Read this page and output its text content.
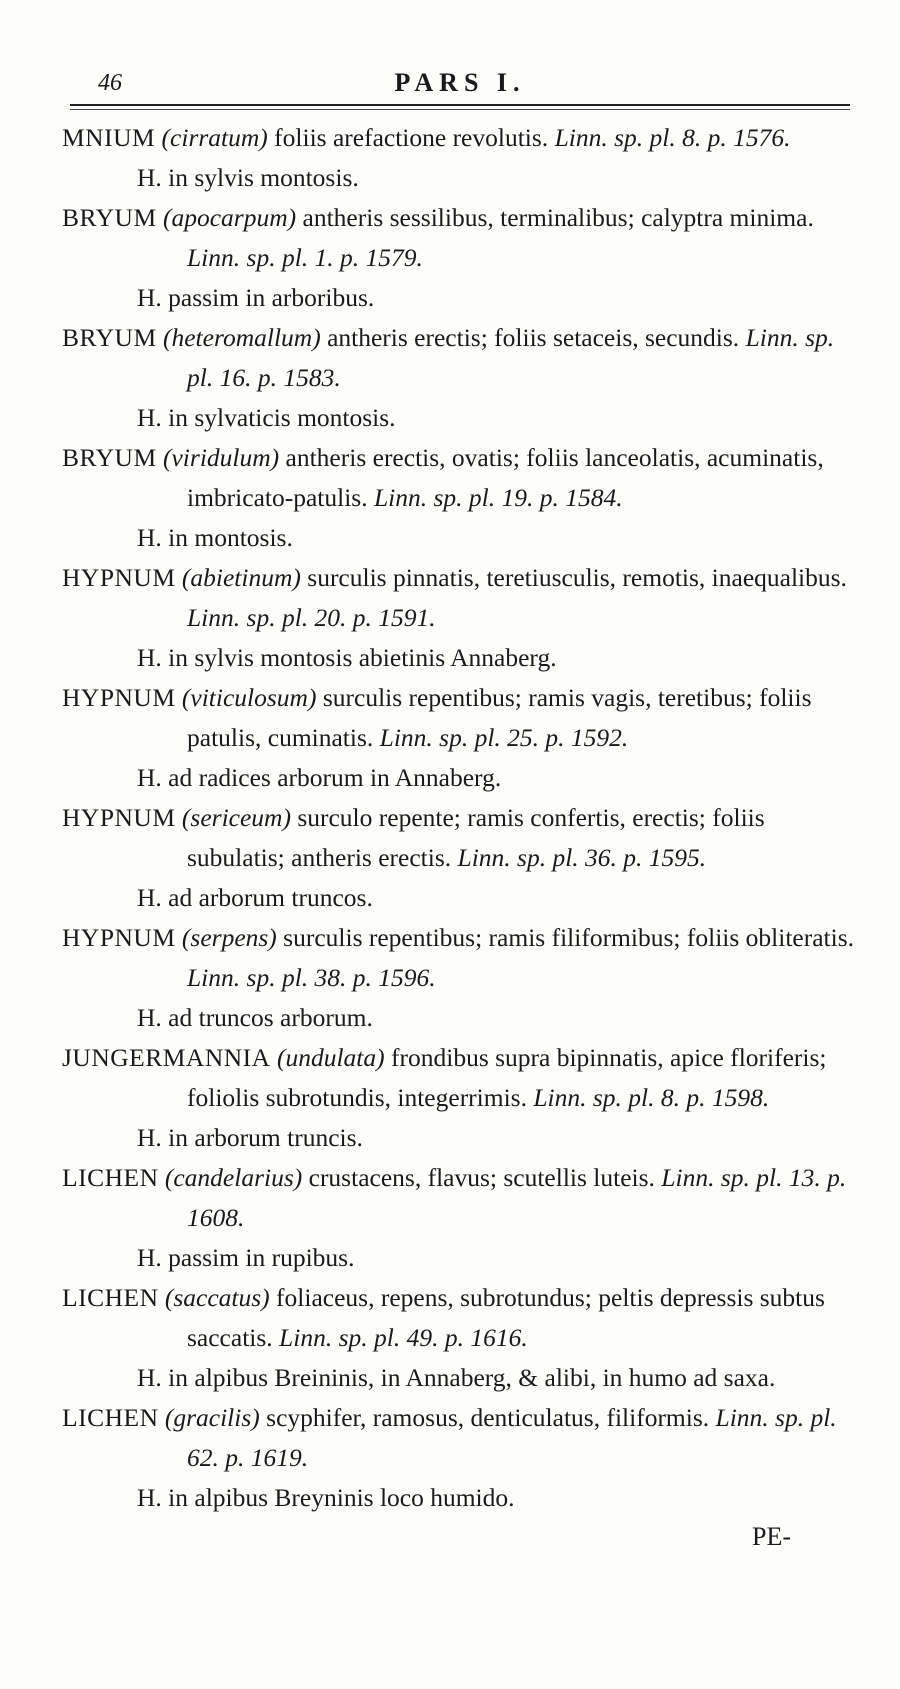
46	PARS I.
MNIUM (cirratum) foliis arefactione revolutis. Linn. sp. pl. 8. p. 1576.
H. in sylvis montosis.
BRYUM (apocarpum) antheris sessilibus, terminalibus; calyptra minima. Linn. sp. pl. 1. p. 1579.
H. passim in arboribus.
BRYUM (heteromallum) antheris erectis; foliis setaceis, secundis. Linn. sp. pl. 16. p. 1583.
H. in sylvaticis montosis.
BRYUM (viridulum) antheris erectis, ovatis; foliis lanceolatis, acuminatis, imbricato-patulis. Linn. sp. pl. 19. p. 1584.
H. in montosis.
HYPNUM (abietinum) surculis pinnatis, teretiusculis, remotis, inaequalibus. Linn. sp. pl. 20. p. 1591.
H. in sylvis montosis abietinis Annaberg.
HYPNUM (viticulosum) surculis repentibus; ramis vagis, teretibus; foliis patulis, cuminatis. Linn. sp. pl. 25. p. 1592.
H. ad radices arborum in Annaberg.
HYPNUM (sericeum) surculo repente; ramis confertis, erectis; foliis subulatis; antheris erectis. Linn. sp. pl. 36. p. 1595.
H. ad arborum truncos.
HYPNUM (serpens) surculis repentibus; ramis filiformibus; foliis obliteratis. Linn. sp. pl. 38. p. 1596.
H. ad truncos arborum.
JUNGERMANNIA (undulata) frondibus supra bipinnatis, apice floriferis; foliolis subrotundis, integerrimis. Linn. sp. pl. 8. p. 1598.
H. in arborum truncis.
LICHEN (candelarius) crustacens, flavus; scutellis luteis. Linn. sp. pl. 13. p. 1608.
H. passim in rupibus.
LICHEN (saccatus) foliaceus, repens, subrotundus; peltis depressis subtus saccatis. Linn. sp. pl. 49. p. 1616.
H. in alpibus Breininis, in Annaberg, & alibi, in humo ad saxa.
LICHEN (gracilis) scyphifer, ramosus, denticulatus, filiformis. Linn. sp. pl. 62. p. 1619.
H. in alpibus Breyninis loco humido.
PE-
